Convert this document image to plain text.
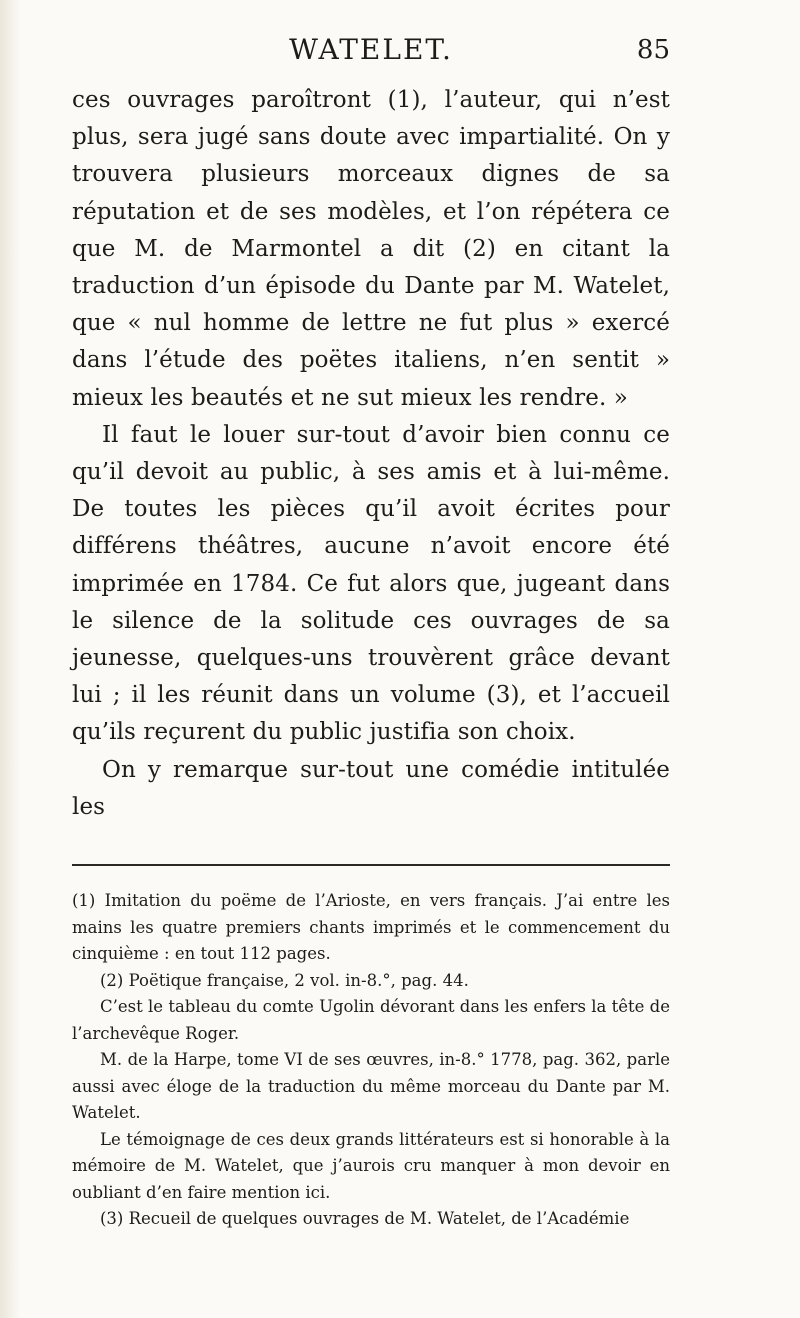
WATELET.	85

ces ouvrages paroîtront (1), l’auteur, qui n’est plus, sera jugé sans doute avec impartialité. On y trouvera plusieurs morceaux dignes de sa réputation et de ses modèles, et l’on répétera ce que M. de Marmontel a dit (2) en citant la traduction d’un épisode du Dante par M. Watelet, que « nul homme de lettre ne fut plus » exercé dans l’étude des poëtes italiens, n’en sentit » mieux les beautés et ne sut mieux les rendre. »

Il faut le louer sur-tout d’avoir bien connu ce qu’il devoit au public, à ses amis et à lui-même. De toutes les pièces qu’il avoit écrites pour différens théâtres, aucune n’avoit encore été imprimée en 1784. Ce fut alors que, jugeant dans le silence de la solitude ces ouvrages de sa jeunesse, quelques-uns trouvèrent grâce devant lui ; il les réunit dans un volume (3), et l’accueil qu’ils reçurent du public justifia son choix.

On y remarque sur-tout une comédie intitulée les

(1) Imitation du poëme de l’Arioste, en vers français. J’ai entre les mains les quatre premiers chants imprimés et le commencement du cinquième : en tout 112 pages.

(2) Poëtique française, 2 vol. in-8.°, pag. 44.

C’est le tableau du comte Ugolin dévorant dans les enfers la tête de l’archevêque Roger.

M. de la Harpe, tome VI de ses œuvres, in-8.° 1778, pag. 362, parle aussi avec éloge de la traduction du même morceau du Dante par M. Watelet.

Le témoignage de ces deux grands littérateurs est si honorable à la mémoire de M. Watelet, que j’aurois cru manquer à mon devoir en oubliant d’en faire mention ici.

(3) Recueil de quelques ouvrages de M. Watelet, de l’Académie
